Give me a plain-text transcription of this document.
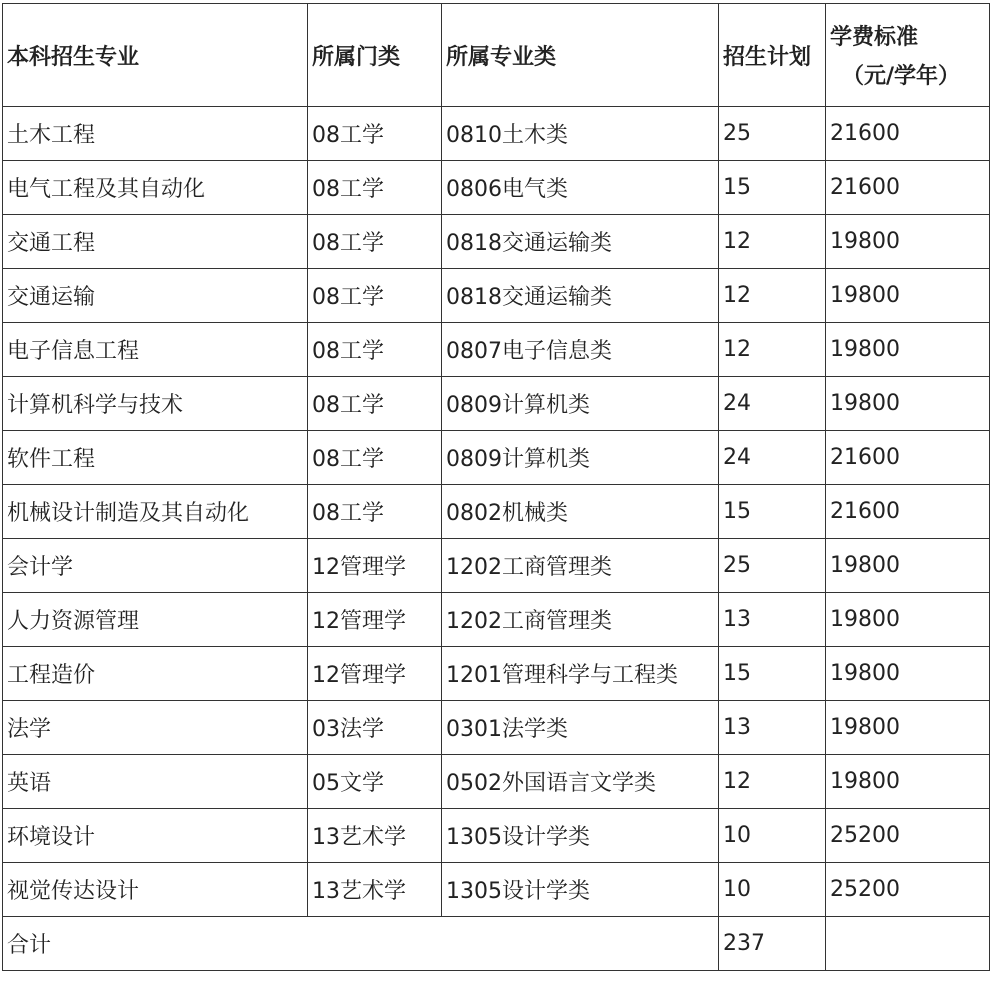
本科招生专业	所属门类	所属专业类	招生计划	学费标准
（元/学年）

土木工程	08工学	0810土木类	25	21600
电气工程及其自动化	08工学	0806电气类	15	21600
交通工程	08工学	0818交通运输类	12	19800
交通运输	08工学	0818交通运输类	12	19800
电子信息工程	08工学	0807电子信息类	12	19800
计算机科学与技术	08工学	0809计算机类	24	19800
软件工程	08工学	0809计算机类	24	21600
机械设计制造及其自动化	08工学	0802机械类	15	21600
会计学	12管理学	1202工商管理类	25	19800
人力资源管理	12管理学	1202工商管理类	13	19800
工程造价	12管理学	1201管理科学与工程类	15	19800
法学	03法学	0301法学类	13	19800
英语	05文学	0502外国语言文学类	12	19800
环境设计	13艺术学	1305设计学类	10	25200
视觉传达设计	13艺术学	1305设计学类	10	25200
合计			237	
